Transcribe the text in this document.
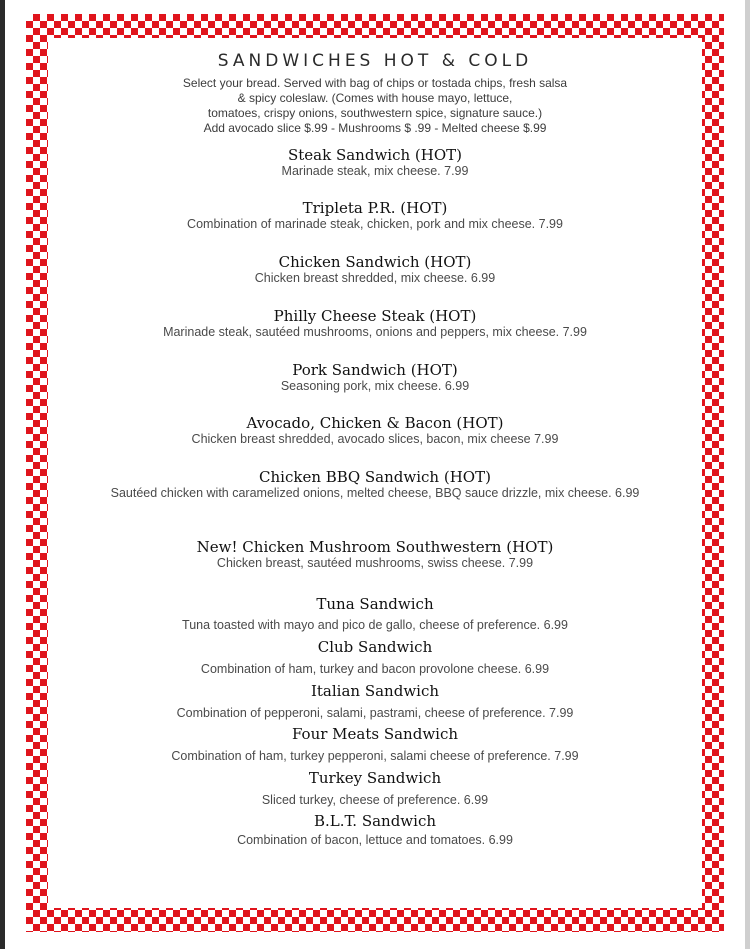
SANDWICHES HOT & COLD
Select your bread. Served with bag of chips or tostada chips, fresh salsa
& spicy coleslaw. (Comes with house mayo, lettuce,
tomatoes, crispy onions, southwestern spice, signature sauce.)
Add avocado slice $.99 - Mushrooms $ .99 - Melted cheese $.99
Steak Sandwich (HOT)
Marinade steak, mix cheese. 7.99
Tripleta P.R. (HOT)
Combination of marinade steak, chicken, pork and mix cheese. 7.99
Chicken Sandwich (HOT)
Chicken breast shredded, mix cheese. 6.99
Philly Cheese Steak (HOT)
Marinade steak, sautéed mushrooms, onions and peppers, mix cheese. 7.99
Pork Sandwich (HOT)
Seasoning pork, mix cheese. 6.99
Avocado, Chicken & Bacon (HOT)
Chicken breast shredded, avocado slices, bacon, mix cheese 7.99
Chicken BBQ Sandwich (HOT)
Sautéed chicken with caramelized onions, melted cheese, BBQ sauce drizzle, mix cheese. 6.99
New! Chicken Mushroom Southwestern (HOT)
Chicken breast, sautéed mushrooms, swiss cheese. 7.99
Tuna Sandwich
Tuna toasted with mayo and pico de gallo, cheese of preference. 6.99
Club Sandwich
Combination of ham, turkey and bacon provolone cheese. 6.99
Italian Sandwich
Combination of pepperoni, salami, pastrami, cheese of preference. 7.99
Four Meats Sandwich
Combination of ham, turkey pepperoni, salami cheese of preference. 7.99
Turkey Sandwich
Sliced turkey, cheese of preference. 6.99
B.L.T. Sandwich
Combination of bacon, lettuce and tomatoes. 6.99
